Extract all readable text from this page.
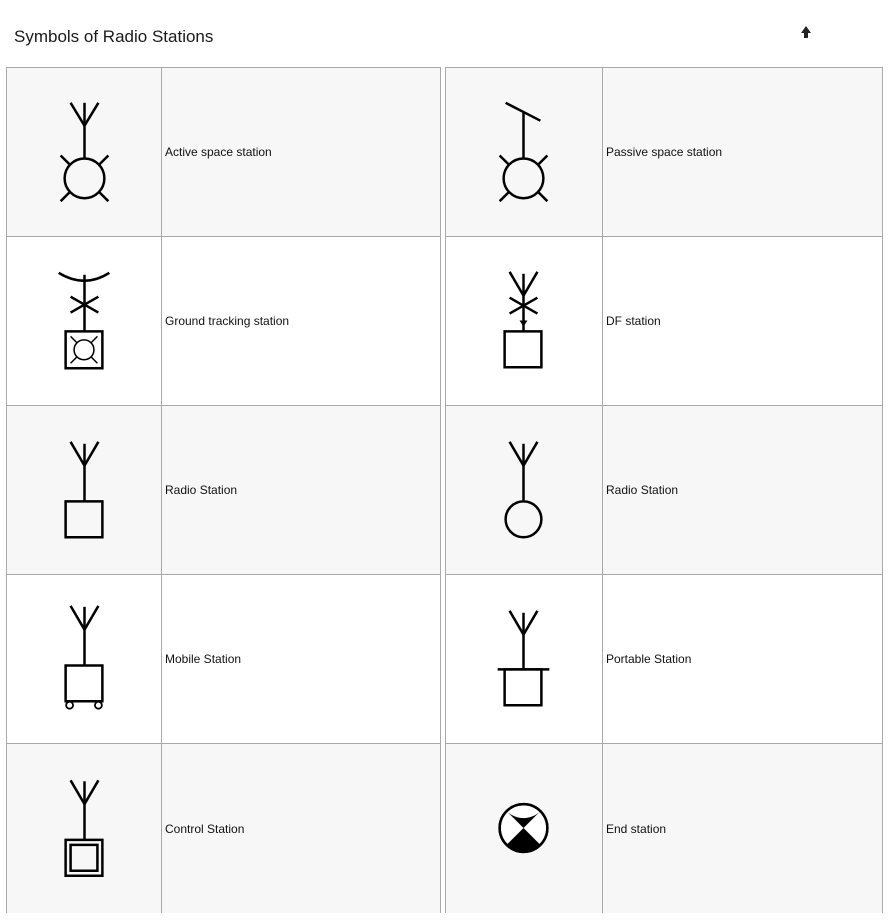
Symbols of Radio Stations
Active space station
Ground tracking station
Radio Station
Mobile Station
Control Station
Passive space station
DF station
Radio Station
Portable Station
End station
